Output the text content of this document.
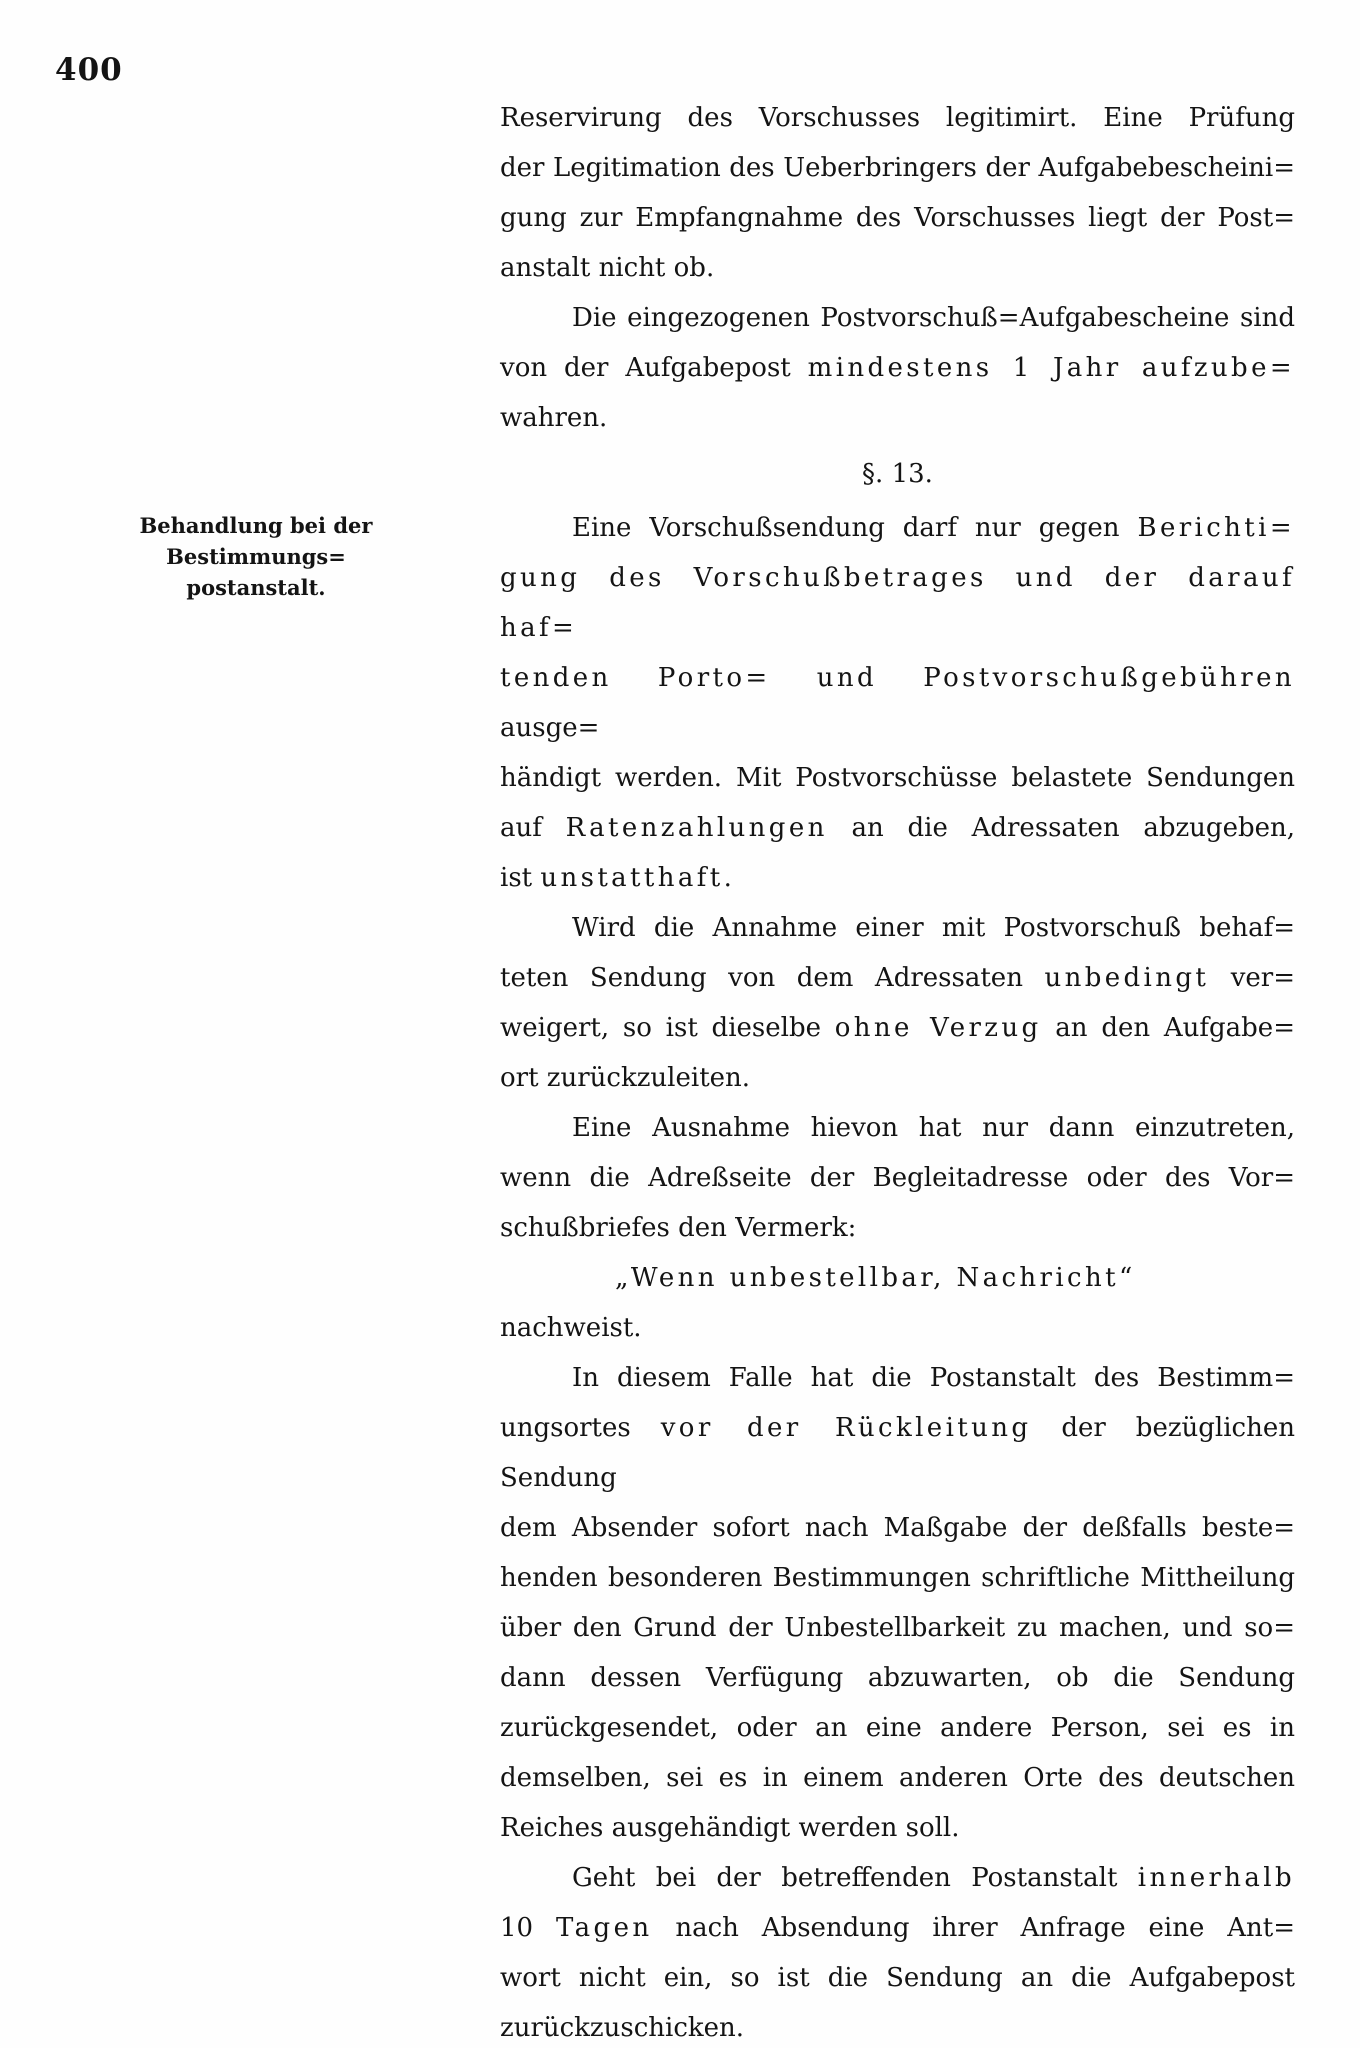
400
Behandlung bei der Bestimmungs=
postanstalt.
Reservirung des Vorschusses legitimirt. Eine Prüfung
der Legitimation des Ueberbringers der Aufgabebescheini=
gung zur Empfangnahme des Vorschusses liegt der Post=
anstalt nicht ob.
Die eingezogenen Postvorschuß=Aufgabescheine sind
von der Aufgabepost mindestens 1 Jahr aufzube=
wahren.
§. 13.
Eine Vorschußsendung darf nur gegen Berichti=
gung des Vorschußbetrages und der darauf haf=
tenden Porto= und Postvorschußgebühren ausge=
händigt werden. Mit Postvorschüsse belastete Sendungen
auf Ratenzahlungen an die Adressaten abzugeben,
ist unstatthaft.
Wird die Annahme einer mit Postvorschuß behaf=
teten Sendung von dem Adressaten unbedingt ver=
weigert, so ist dieselbe ohne Verzug an den Aufgabe=
ort zurückzuleiten.
Eine Ausnahme hievon hat nur dann einzutreten,
wenn die Adreßseite der Begleitadresse oder des Vor=
schußbriefes den Vermerk:
„Wenn unbestellbar, Nachricht“
nachweist.
In diesem Falle hat die Postanstalt des Bestimm=
ungsortes vor der Rückleitung der bezüglichen Sendung
dem Absender sofort nach Maßgabe der deßfalls beste=
henden besonderen Bestimmungen schriftliche Mittheilung
über den Grund der Unbestellbarkeit zu machen, und so=
dann dessen Verfügung abzuwarten, ob die Sendung
zurückgesendet, oder an eine andere Person, sei es in
demselben, sei es in einem anderen Orte des deutschen
Reiches ausgehändigt werden soll.
Geht bei der betreffenden Postanstalt innerhalb
10 Tagen nach Absendung ihrer Anfrage eine Ant=
wort nicht ein, so ist die Sendung an die Aufgabepost
zurückzuschicken.
